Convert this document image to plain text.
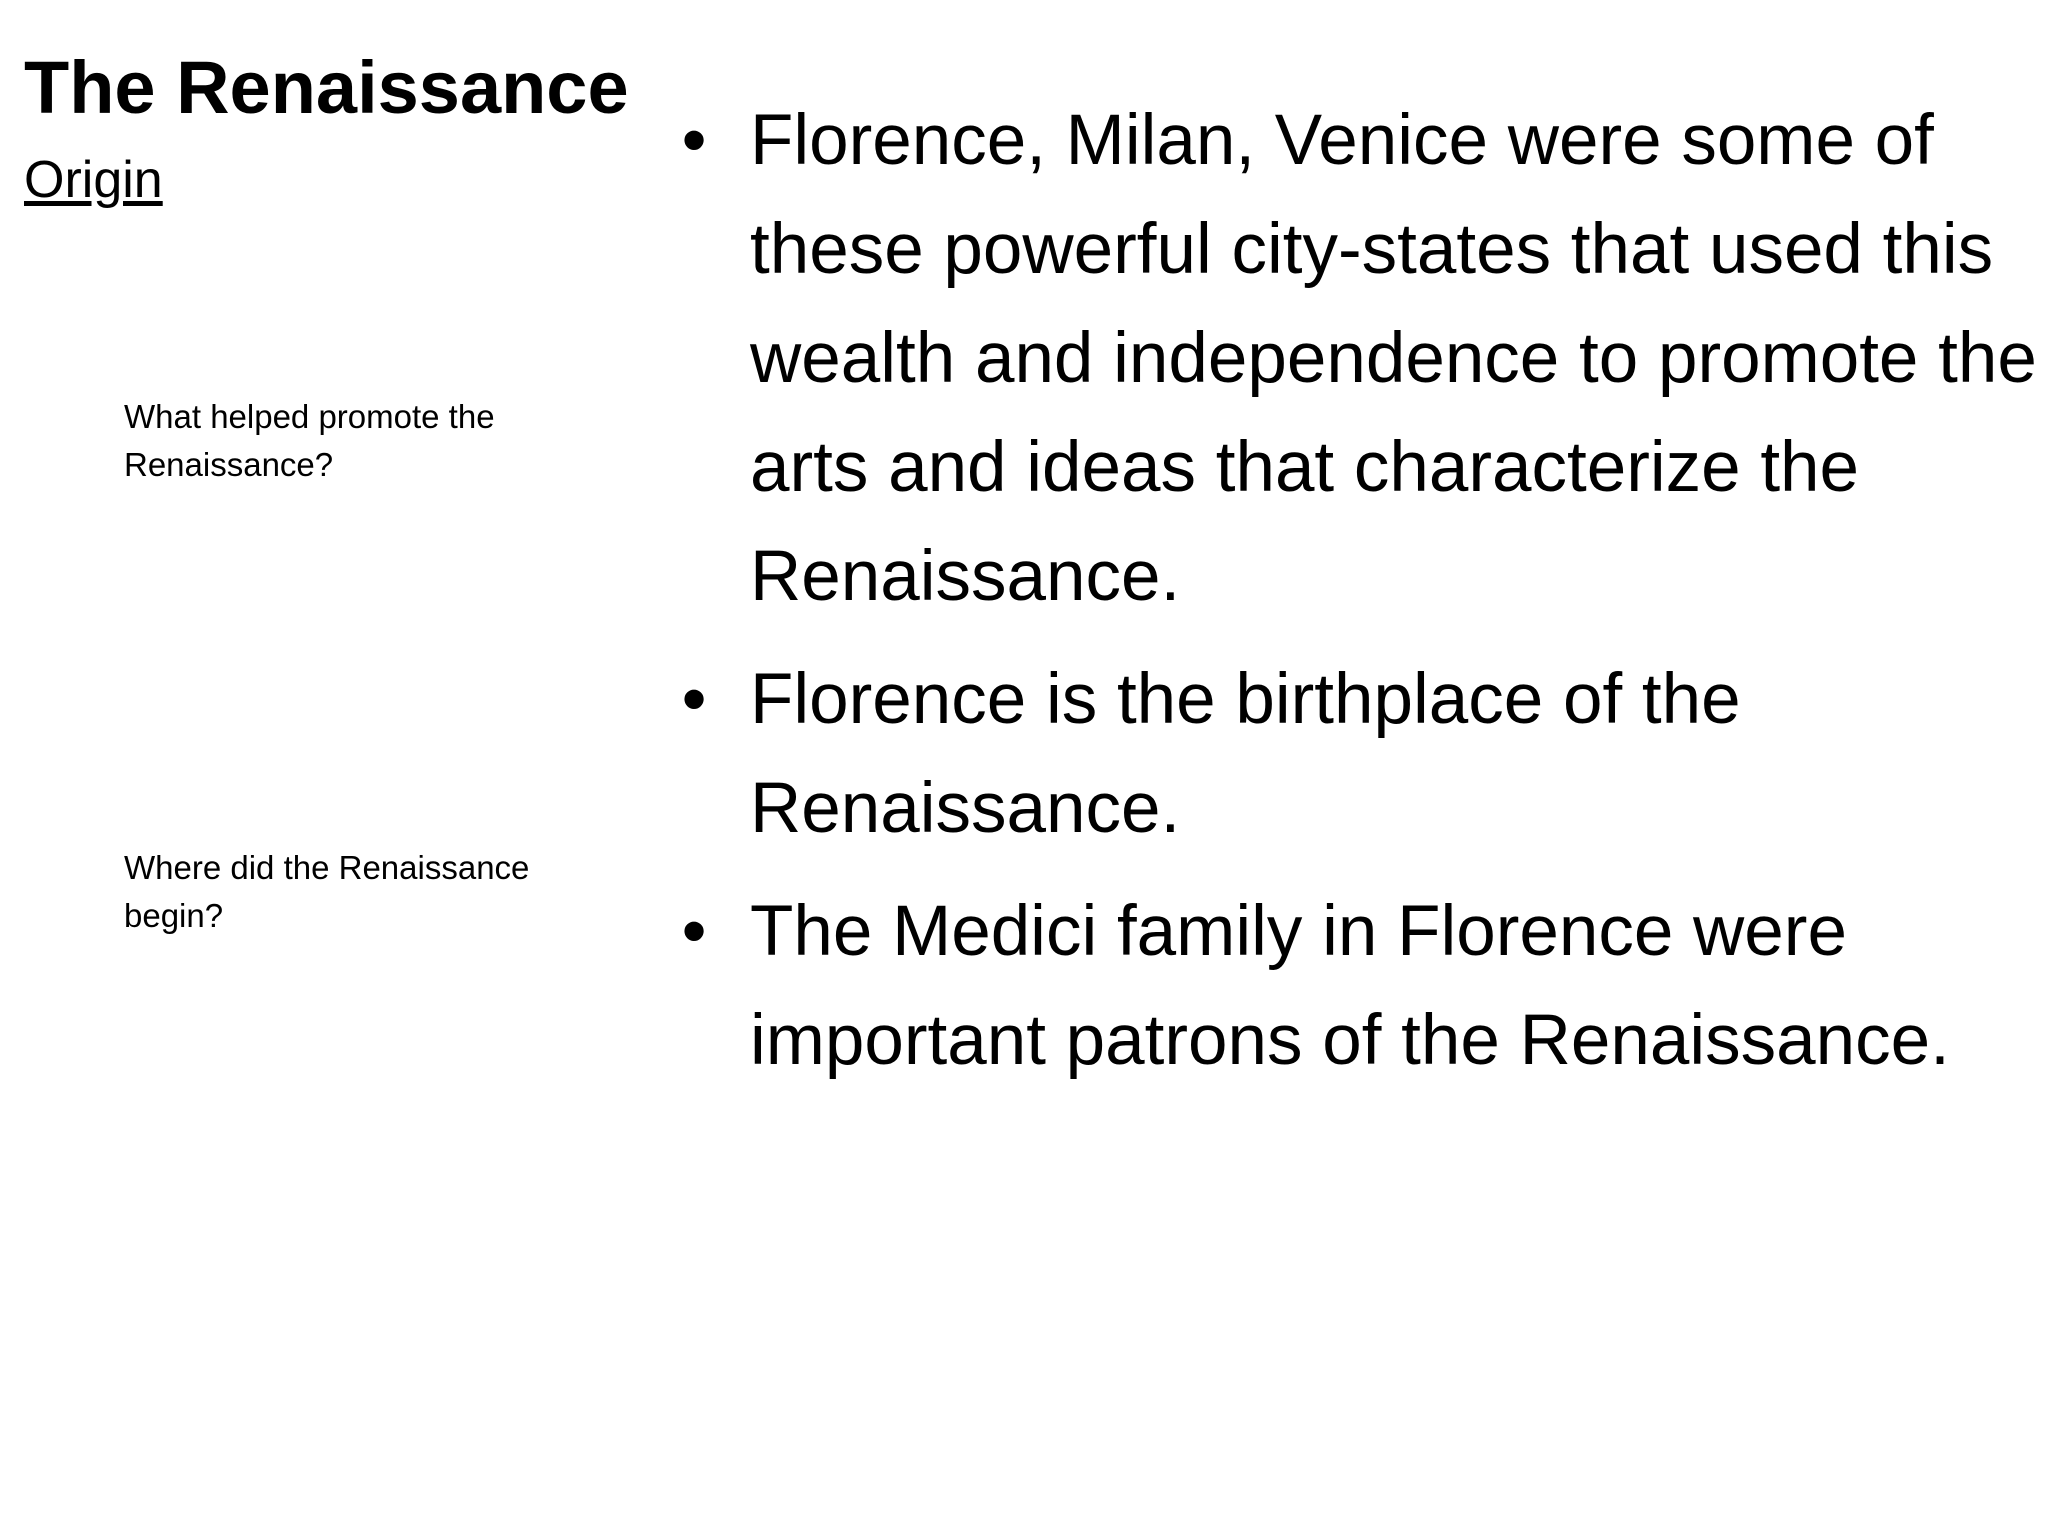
The Renaissance
Origin
What helped promote the Renaissance?
Where did the Renaissance begin?
• Florence, Milan, Venice were some of these powerful city-states that used this wealth and independence to promote the arts and ideas that characterize the Renaissance.
• Florence is the birthplace of the Renaissance.
• The Medici family in Florence were important patrons of the Renaissance.
